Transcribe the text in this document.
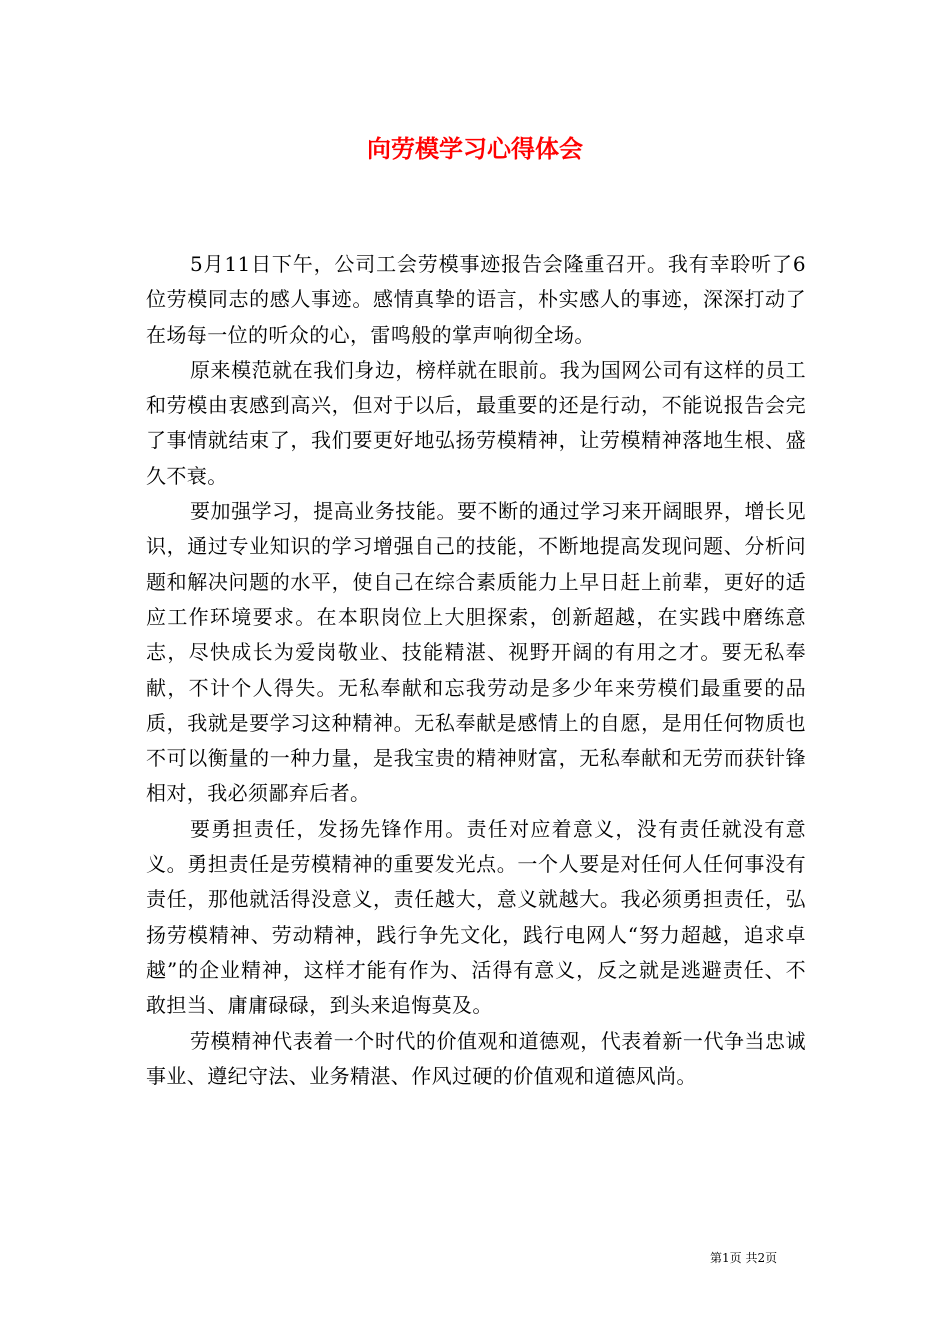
向劳模学习心得体会

5月11日下午，公司工会劳模事迹报告会隆重召开。我有幸聆听了6位劳模同志的感人事迹。感情真挚的语言，朴实感人的事迹，深深打动了在场每一位的听众的心，雷鸣般的掌声响彻全场。

原来模范就在我们身边，榜样就在眼前。我为国网公司有这样的员工和劳模由衷感到高兴，但对于以后，最重要的还是行动，不能说报告会完了事情就结束了，我们要更好地弘扬劳模精神，让劳模精神落地生根、盛久不衰。

要加强学习，提高业务技能。要不断的通过学习来开阔眼界，增长见识，通过专业知识的学习增强自己的技能，不断地提高发现问题、分析问题和解决问题的水平，使自己在综合素质能力上早日赶上前辈，更好的适应工作环境要求。在本职岗位上大胆探索，创新超越，在实践中磨练意志，尽快成长为爱岗敬业、技能精湛、视野开阔的有用之才。要无私奉献，不计个人得失。无私奉献和忘我劳动是多少年来劳模们最重要的品质，我就是要学习这种精神。无私奉献是感情上的自愿，是用任何物质也不可以衡量的一种力量，是我宝贵的精神财富，无私奉献和无劳而获针锋相对，我必须鄙弃后者。

要勇担责任，发扬先锋作用。责任对应着意义，没有责任就没有意义。勇担责任是劳模精神的重要发光点。一个人要是对任何人任何事没有责任，那他就活得没意义，责任越大，意义就越大。我必须勇担责任，弘扬劳模精神、劳动精神，践行争先文化，践行电网人“努力超越，追求卓越”的企业精神，这样才能有作为、活得有意义，反之就是逃避责任、不敢担当、庸庸碌碌，到头来追悔莫及。

劳模精神代表着一个时代的价值观和道德观，代表着新一代争当忠诚事业、遵纪守法、业务精湛、作风过硬的价值观和道德风尚。

第1页 共2页
